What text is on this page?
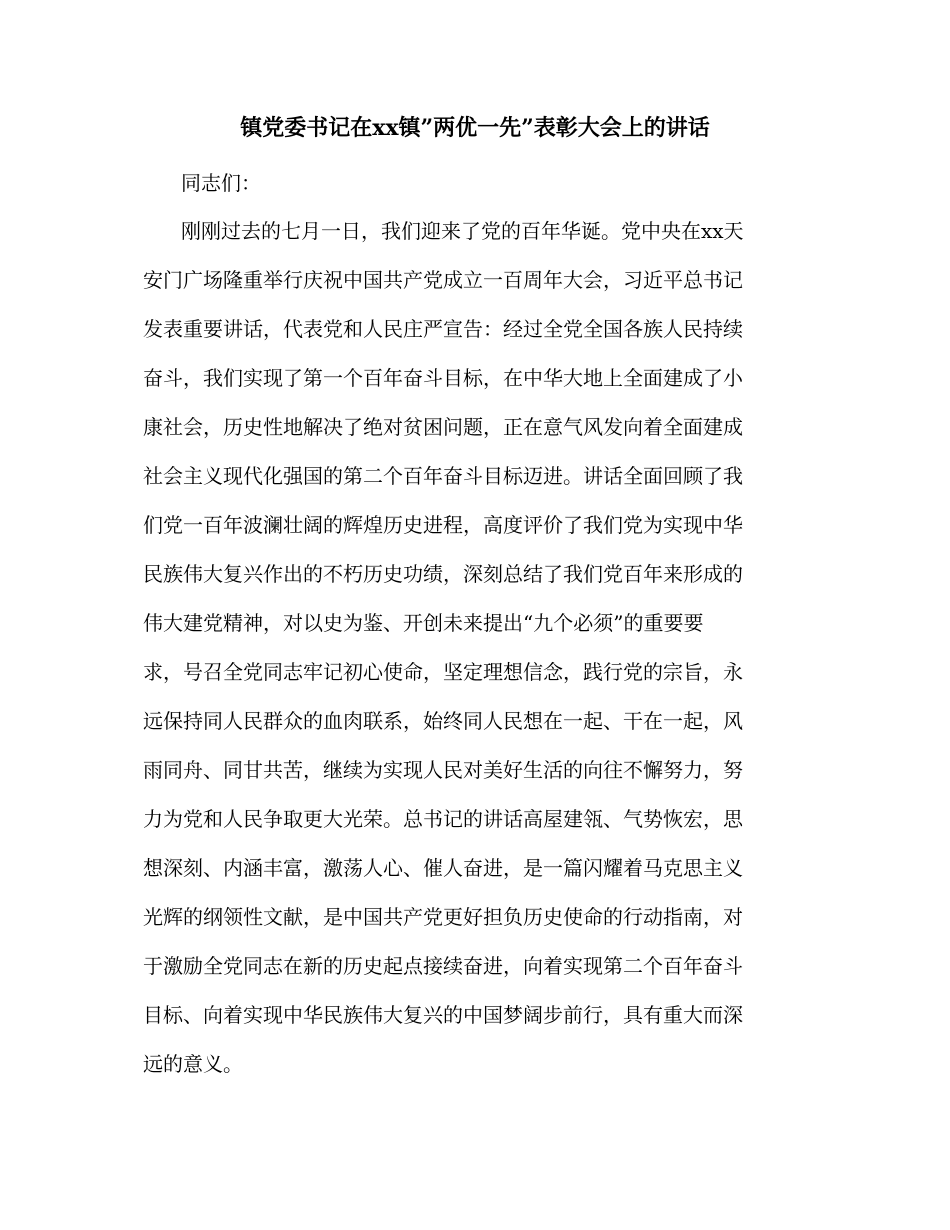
镇党委书记在xx镇”两优一先”表彰大会上的讲话

同志们：

刚刚过去的七月一日，我们迎来了党的百年华诞。党中央在xx天

安门广场隆重举行庆祝中国共产党成立一百周年大会，习近平总书记

发表重要讲话，代表党和人民庄严宣告：经过全党全国各族人民持续

奋斗，我们实现了第一个百年奋斗目标，在中华大地上全面建成了小

康社会，历史性地解决了绝对贫困问题，正在意气风发向着全面建成

社会主义现代化强国的第二个百年奋斗目标迈进。讲话全面回顾了我

们党一百年波澜壮阔的辉煌历史进程，高度评价了我们党为实现中华

民族伟大复兴作出的不朽历史功绩，深刻总结了我们党百年来形成的

伟大建党精神，对以史为鉴、开创未来提出“九个必须”的重要要

求，号召全党同志牢记初心使命，坚定理想信念，践行党的宗旨，永

远保持同人民群众的血肉联系，始终同人民想在一起、干在一起，风

雨同舟、同甘共苦，继续为实现人民对美好生活的向往不懈努力，努

力为党和人民争取更大光荣。总书记的讲话高屋建瓴、气势恢宏，思

想深刻、内涵丰富，激荡人心、催人奋进，是一篇闪耀着马克思主义

光辉的纲领性文献，是中国共产党更好担负历史使命的行动指南，对

于激励全党同志在新的历史起点接续奋进，向着实现第二个百年奋斗

目标、向着实现中华民族伟大复兴的中国梦阔步前行，具有重大而深

远的意义。
